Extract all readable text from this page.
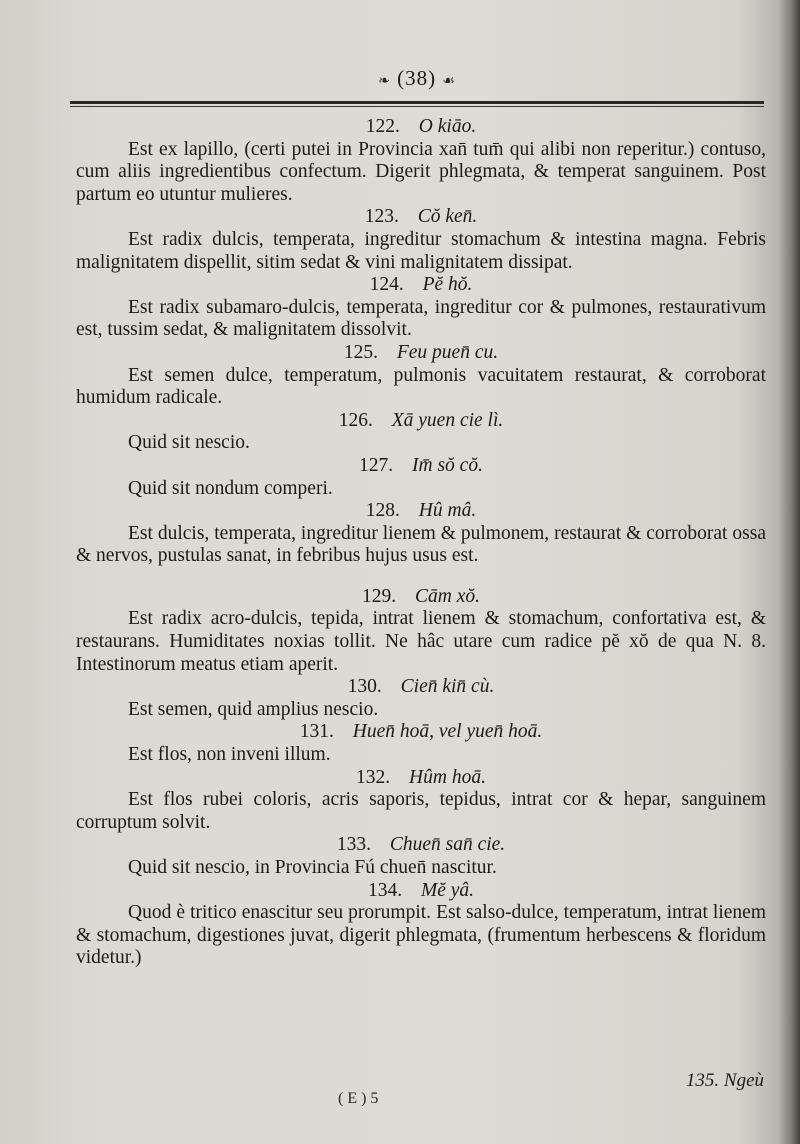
❧ (38) ☙
122. O kiāo.
Est ex lapillo, (certi putei in Provincia xan̄ tum̄ qui alibi non reperitur.) contuso, cum aliis ingredientibus confectum. Digerit phlegmata, & temperat sanguinem. Post partum eo utuntur mulieres.
123. Cŏ ken̄.
Est radix dulcis, temperata, ingreditur stomachum & intestina magna. Febris malignitatem dispellit, sitim sedat & vini malignitatem dissipat.
124. Pĕ hŏ.
Est radix subamaro-dulcis, temperata, ingreditur cor & pulmones, restaurativum est, tussim sedat, & malignitatem dissolvit.
125. Feu puen̄ cu.
Est semen dulce, temperatum, pulmonis vacuitatem restaurat, & corroborat humidum radicale.
126. Xā yuen cie lì.
Quid sit nescio.
127. Im̄ sŏ cŏ.
Quid sit nondum comperi.
128. Hû mâ.
Est dulcis, temperata, ingreditur lienem & pulmonem, restaurat & corroborat ossa & nervos, pustulas sanat, in febribus hujus usus est.
129. Cām xŏ.
Est radix acro-dulcis, tepida, intrat lienem & stomachum, confortativa est, & restaurans. Humiditates noxias tollit. Ne hâc utare cum radice pĕ xŏ de qua N. 8. Intestinorum meatus etiam aperit.
130. Cien̄ kin̄ cù.
Est semen, quid amplius nescio.
131. Huen̄ hoā, vel yuen̄ hoā.
Est flos, non inveni illum.
132. Hûm hoā.
Est flos rubei coloris, acris saporis, tepidus, intrat cor & hepar, sanguinem corruptum solvit.
133. Chuen̄ san̄ cie.
Quid sit nescio, in Provincia Fú chuen̄ nascitur.
134. Mĕ yâ.
Quod è tritico enascitur seu prorumpit. Est salso-dulce, temperatum, intrat lienem & stomachum, digestiones juvat, digerit phlegmata, (frumentum herbescens & floridum videtur.)
( E ) 5
135. Ngeù
